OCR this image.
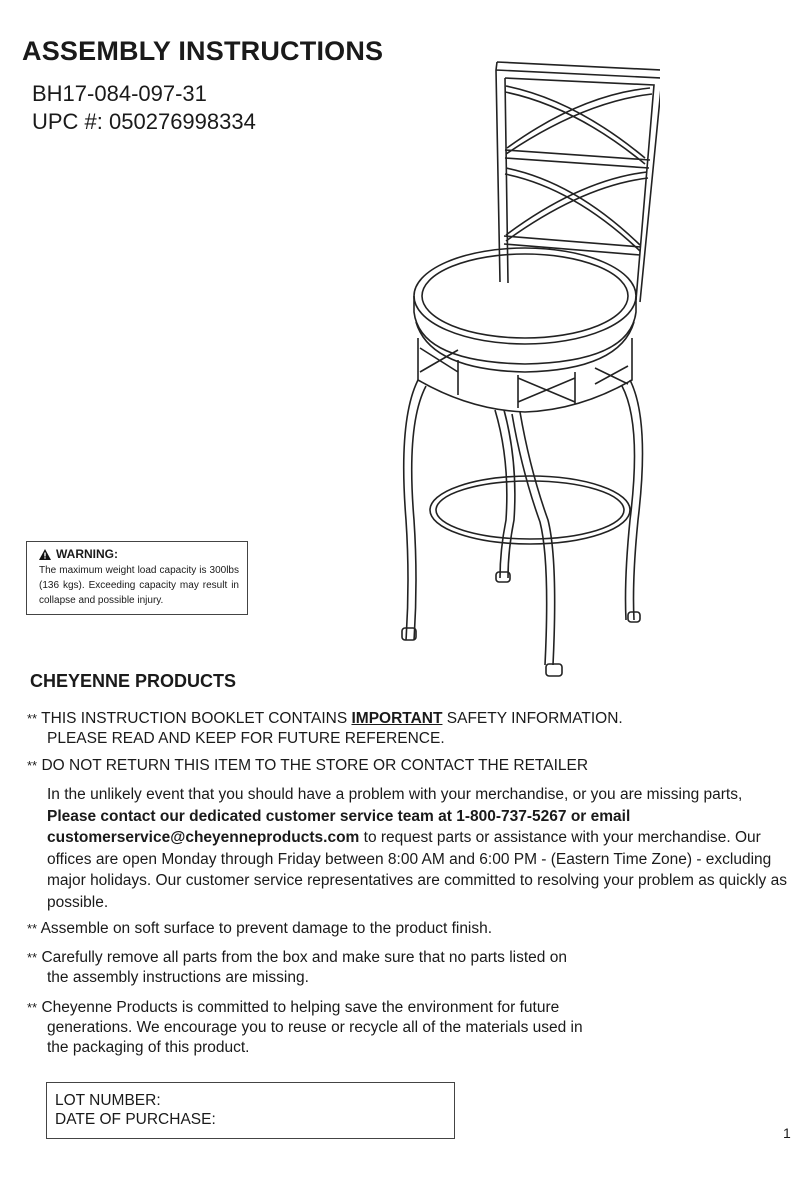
ASSEMBLY INSTRUCTIONS
BH17-084-097-31
UPC #: 050276998334
WARNING:
The maximum weight load capacity is 300lbs (136 kgs). Exceeding capacity may result in collapse and possible injury.
CHEYENNE PRODUCTS
** THIS INSTRUCTION BOOKLET CONTAINS IMPORTANT SAFETY INFORMATION.
PLEASE READ AND KEEP FOR FUTURE REFERENCE.
** DO NOT RETURN THIS ITEM TO THE STORE OR CONTACT THE RETAILER
In the unlikely event that you should have a problem with your merchandise, or you are missing parts, Please contact our dedicated customer service team at 1-800-737-5267 or email customerservice@cheyenneproducts.com to request parts or assistance with your merchandise. Our offices are open Monday through Friday between 8:00 AM and 6:00 PM - (Eastern Time Zone) - excluding major holidays. Our customer service representatives are committed to resolving your problem as quickly as possible.
** Assemble on soft surface to prevent damage to the product finish.
** Carefully remove all parts from the box and make sure that no parts listed on
the assembly instructions are missing.
** Cheyenne Products is committed to helping save the environment for future
generations. We encourage you to reuse or recycle all of the materials used in
the packaging of this product.
LOT NUMBER:
DATE OF PURCHASE:
1
